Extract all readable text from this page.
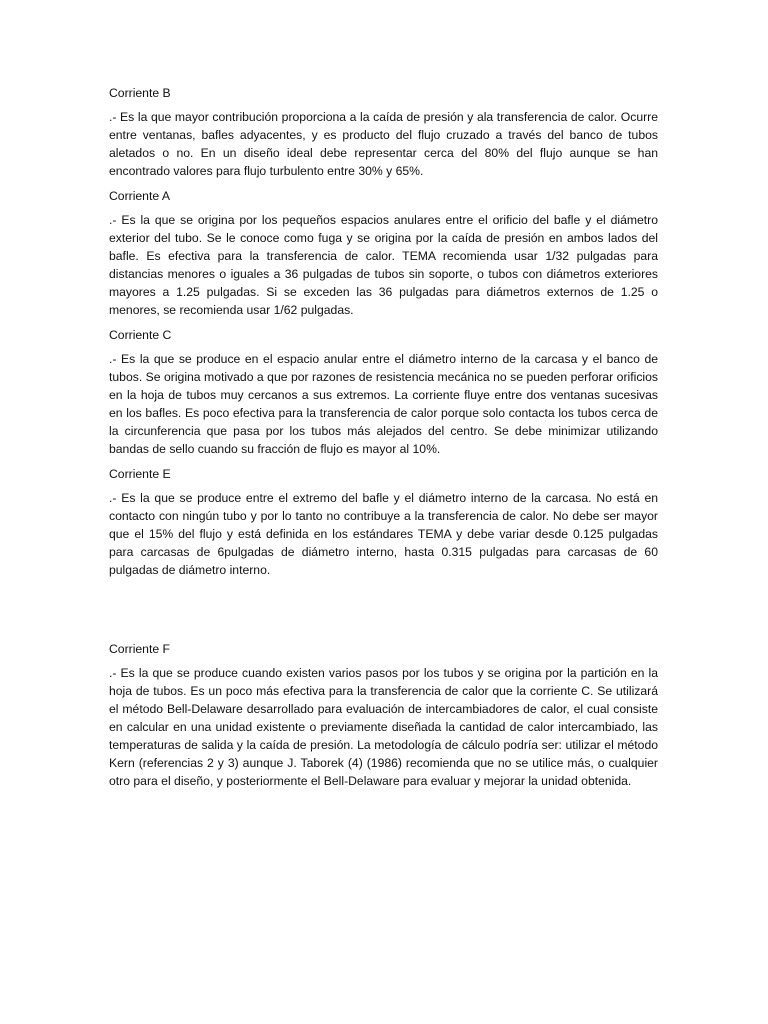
Corriente B

.- Es la que mayor contribución proporciona a la caída de presión y ala transferencia de calor. Ocurre entre ventanas, bafles adyacentes, y es producto del flujo cruzado a través del banco de tubos aletados o no. En un diseño ideal debe representar cerca del 80% del flujo aunque se han encontrado valores para flujo turbulento entre 30% y 65%.

Corriente A

.- Es la que se origina por los pequeños espacios anulares entre el orificio del bafle y el diámetro exterior del tubo. Se le conoce como fuga y se origina por la caída de presión en ambos lados del bafle. Es efectiva para la transferencia de calor. TEMA recomienda usar 1/32 pulgadas para distancias menores o iguales a 36 pulgadas de tubos sin soporte, o tubos con diámetros exteriores mayores a 1.25 pulgadas. Si se exceden las 36 pulgadas para diámetros externos de 1.25 o menores, se recomienda usar 1/62 pulgadas.

Corriente C

.- Es la que se produce en el espacio anular entre el diámetro interno de la carcasa y el banco de tubos. Se origina motivado a que por razones de resistencia mecánica no se pueden perforar orificios en la hoja de tubos muy cercanos a sus extremos. La corriente fluye entre dos ventanas sucesivas en los bafles. Es poco efectiva para la transferencia de calor porque solo contacta los tubos cerca de la circunferencia que pasa por los tubos más alejados del centro. Se debe minimizar utilizando bandas de sello cuando su fracción de flujo es mayor al 10%.

Corriente E

.- Es la que se produce entre el extremo del bafle y el diámetro interno de la carcasa. No está en contacto con ningún tubo y por lo tanto no contribuye a la transferencia de calor. No debe ser mayor que el 15% del flujo y está definida en los estándares TEMA y debe variar desde 0.125 pulgadas para carcasas de 6pulgadas de diámetro interno, hasta 0.315 pulgadas para carcasas de 60 pulgadas de diámetro interno.

Corriente F

.- Es la que se produce cuando existen varios pasos por los tubos y se origina por la partición en la hoja de tubos. Es un poco más efectiva para la transferencia de calor que la corriente C. Se utilizará el método Bell-Delaware desarrollado para evaluación de intercambiadores de calor, el cual consiste en calcular en una unidad existente o previamente diseñada la cantidad de calor intercambiado, las temperaturas de salida y la caída de presión. La metodología de cálculo podría ser: utilizar el método Kern (referencias 2 y 3) aunque J. Taborek (4) (1986) recomienda que no se utilice más, o cualquier otro para el diseño, y posteriormente el Bell-Delaware para evaluar y mejorar la unidad obtenida.
